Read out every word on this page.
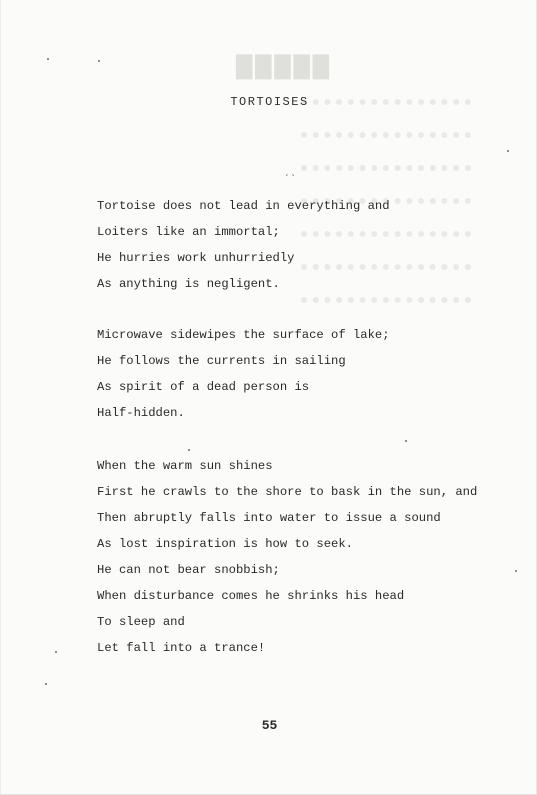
█████
TORTOISES
ˏˎ
Tortoise does not lead in everything and
Loiters like an immortal;
He hurries work unhurriedly
As anything is negligent.
Microwave sidewipes the surface of lake;
He follows the currents in sailing
As spirit of a dead person is
Half-hidden.
When the warm sun shines
First he crawls to the shore to bask in the sun, and
Then abruptly falls into water to issue a sound
As lost inspiration is how to seek.
He can not bear snobbish;
When disturbance comes he shrinks his head
To sleep and
Let fall into a trance!
55
